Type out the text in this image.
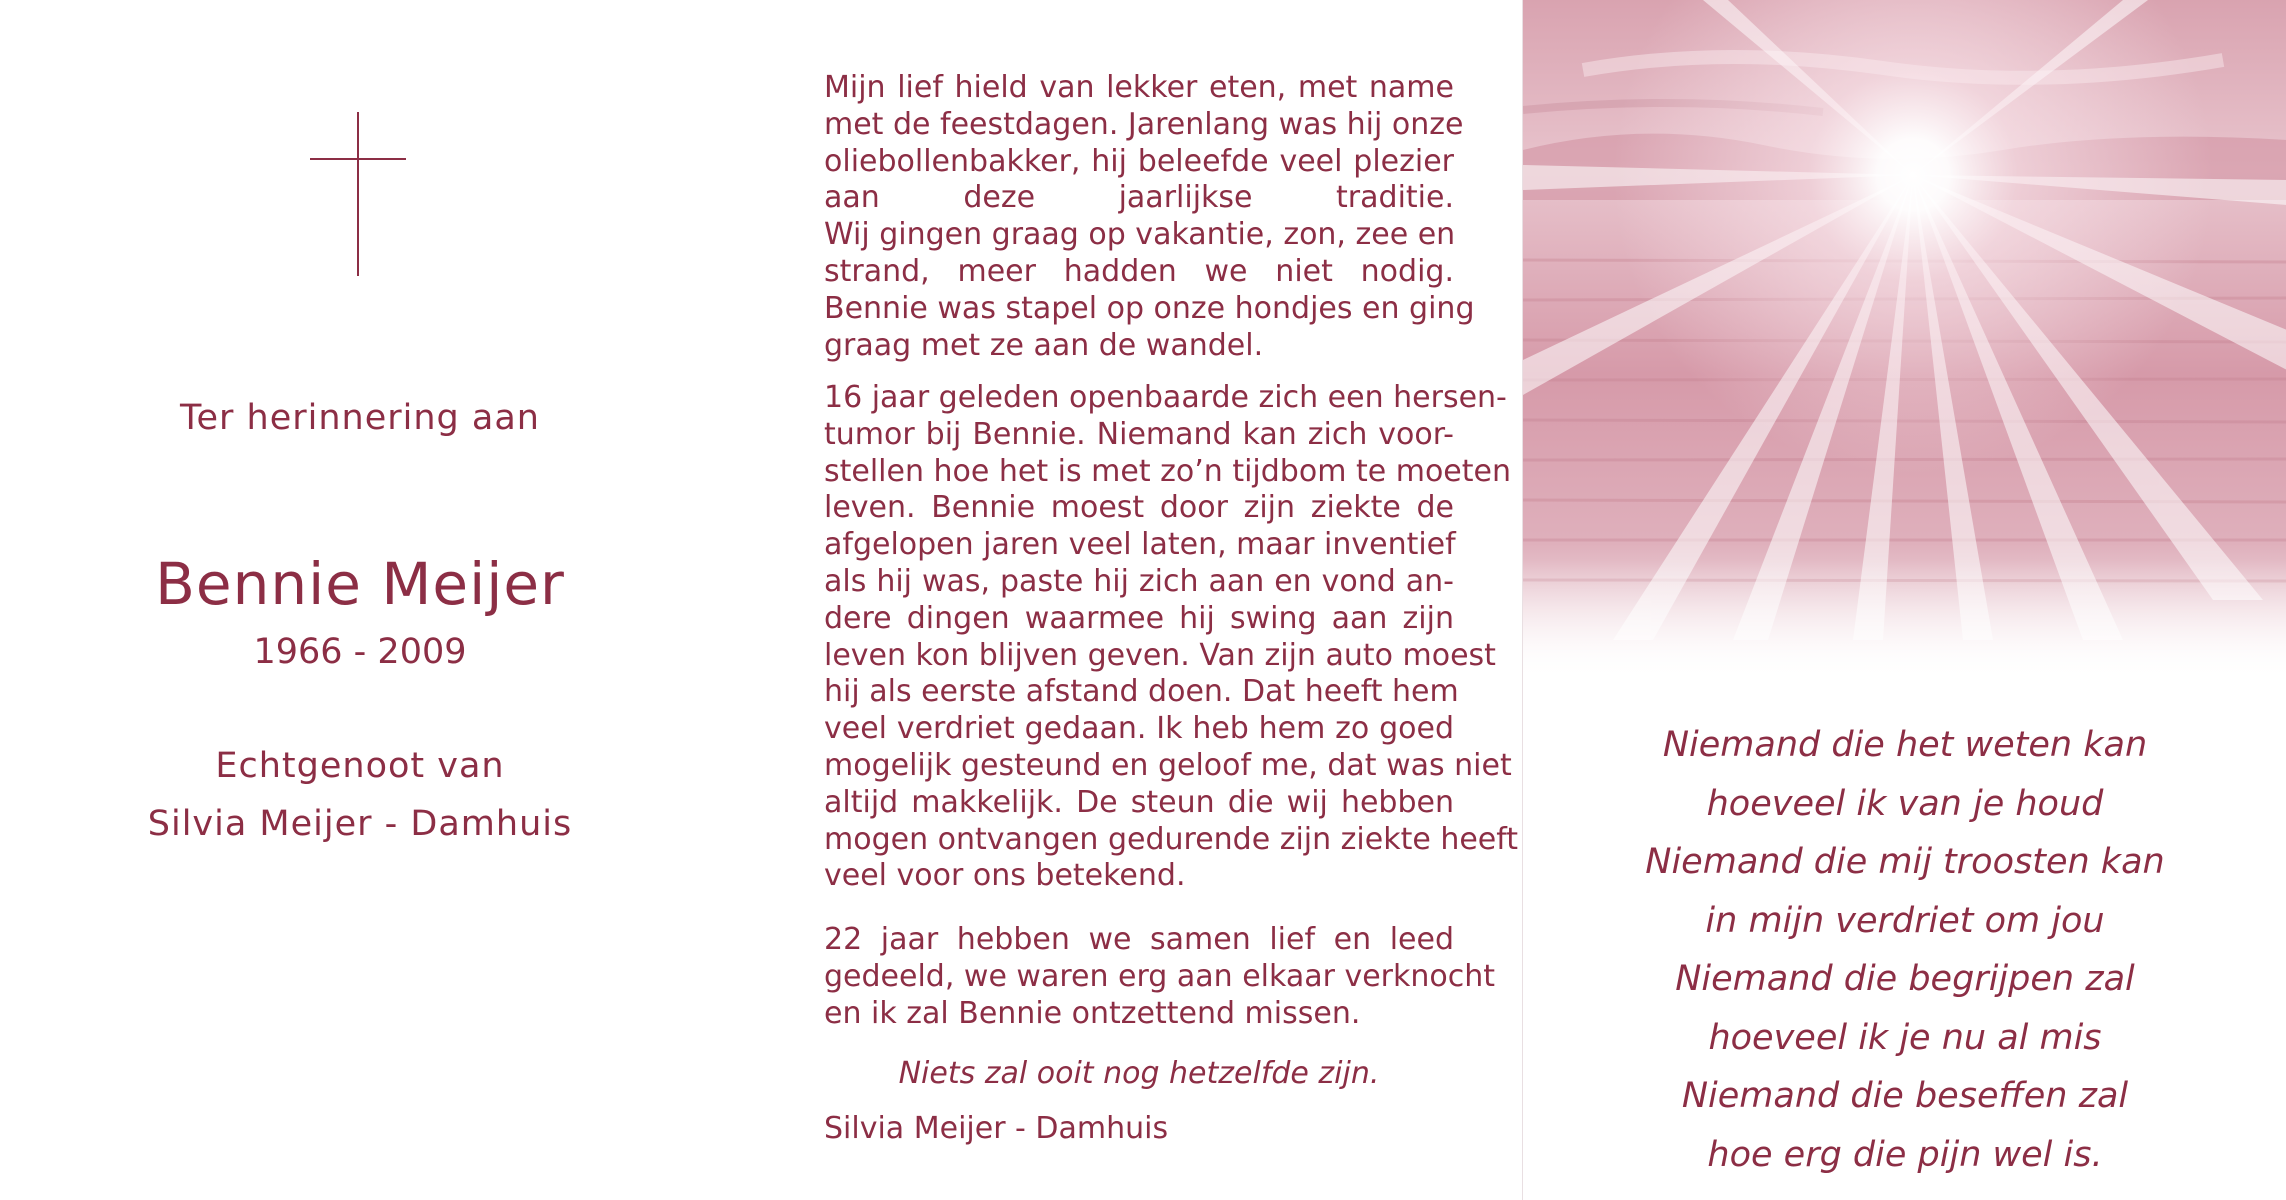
Ter herinnering aan
Bennie Meijer
1966 - 2009
Echtgenoot van
Silvia Meijer - Damhuis
Mijn lief hield van lekker eten, met name
met de feestdagen. Jarenlang was hij onze
oliebollenbakker, hij beleefde veel plezier
aan deze jaarlijkse traditie.
Wij gingen graag op vakantie, zon, zee en
strand, meer hadden we niet nodig.
Bennie was stapel op onze hondjes en ging
graag met ze aan de wandel.
16 jaar geleden openbaarde zich een hersen-
tumor bij Bennie. Niemand kan zich voor-
stellen hoe het is met zo’n tijdbom te moeten
leven. Bennie moest door zijn ziekte de
afgelopen jaren veel laten, maar inventief
als hij was, paste hij zich aan en vond an-
dere dingen waarmee hij swing aan zijn
leven kon blijven geven. Van zijn auto moest
hij als eerste afstand doen. Dat heeft hem
veel verdriet gedaan. Ik heb hem zo goed
mogelijk gesteund en geloof me, dat was niet
altijd makkelijk. De steun die wij hebben
mogen ontvangen gedurende zijn ziekte heeft
veel voor ons betekend.
22 jaar hebben we samen lief en leed
gedeeld, we waren erg aan elkaar verknocht
en ik zal Bennie ontzettend missen.
Niets zal ooit nog hetzelfde zijn.
Silvia Meijer - Damhuis
Niemand die het weten kan
hoeveel ik van je houd
Niemand die mij troosten kan
in mijn verdriet om jou
Niemand die begrijpen zal
hoeveel ik je nu al mis
Niemand die beseffen zal
hoe erg die pijn wel is.
